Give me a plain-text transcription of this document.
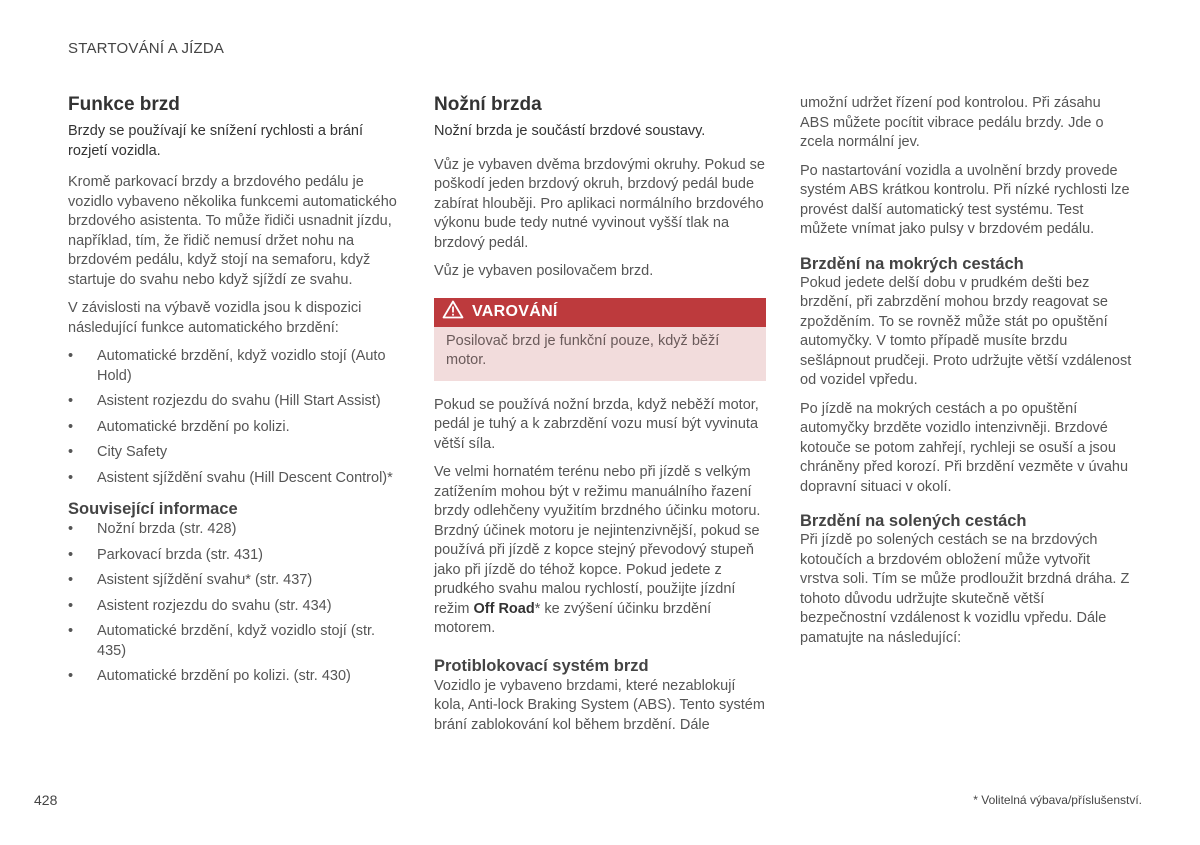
STARTOVÁNÍ A JÍZDA
Funkce brzd

Brzdy se používají ke snížení rychlosti a brání
rozjetí vozidla.

Kromě parkovací brzdy a brzdového pedálu je vozidlo vybaveno několika funkcemi automatického brzdového asistenta. To může řidiči usnadnit jízdu, například, tím, že řidič nemusí držet nohu na brzdovém pedálu, když stojí na semaforu, když startuje do svahu nebo když sjíždí ze svahu.

V závislosti na výbavě vozidla jsou k dispozici následující funkce automatického brzdění:

• Automatické brzdění, když vozidlo stojí (Auto Hold)
• Asistent rozjezdu do svahu (Hill Start Assist)
• Automatické brzdění po kolizi.
• City Safety
• Asistent sjíždění svahu (Hill Descent Control)*
Související informace
• Nožní brzda (str. 428)
• Parkovací brzda (str. 431)
• Asistent sjíždění svahu* (str. 437)
• Asistent rozjezdu do svahu (str. 434)
• Automatické brzdění, když vozidlo stojí (str. 435)
• Automatické brzdění po kolizi. (str. 430)
Nožní brzda

Nožní brzda je součástí brzdové soustavy.

Vůz je vybaven dvěma brzdovými okruhy. Pokud se poškodí jeden brzdový okruh, brzdový pedál bude zabírat hlouběji. Pro aplikaci normálního brzdového výkonu bude tedy nutné vyvinout vyšší tlak na brzdový pedál.

Vůz je vybaven posilovačem brzd.

VAROVÁNÍ
Posilovač brzd je funkční pouze, když běží motor.

Pokud se používá nožní brzda, když neběží motor, pedál je tuhý a k zabrzdění vozu musí být vyvinuta větší síla.

Ve velmi hornatém terénu nebo při jízdě s velkým zatížením mohou být v režimu manuálního řazení brzdy odlehčeny využitím brzdného účinku motoru. Brzdný účinek motoru je nejintenzivnější, pokud se používá při jízdě z kopce stejný převodový stupeň jako při jízdě do téhož kopce. Pokud jedete z prudkého svahu malou rychlostí, použijte jízdní režim Off Road* ke zvýšení účinku brzdění motorem.

Protiblokovací systém brzd

Vozidlo je vybaveno brzdami, které nezablokují kola, Anti-lock Braking System (ABS). Tento systém brání zablokování kol během brzdění. Dále

umožní udržet řízení pod kontrolou. Při zásahu ABS můžete pocítit vibrace pedálu brzdy. Jde o zcela normální jev.

Po nastartování vozidla a uvolnění brzdy provede systém ABS krátkou kontrolu. Při nízké rychlosti lze provést další automatický test systému. Test můžete vnímat jako pulsy v brzdovém pedálu.

Brzdění na mokrých cestách

Pokud jedete delší dobu v prudkém dešti bez brzdění, při zabrzdění mohou brzdy reagovat se zpožděním. To se rovněž může stát po opuštění automyčky. V tomto případě musíte brzdu sešlápnout prudčeji. Proto udržujte větší vzdálenost od vozidel vpředu.

Po jízdě na mokrých cestách a po opuštění automyčky brzděte vozidlo intenzivněji. Brzdové kotouče se potom zahřejí, rychleji se osuší a jsou chráněny před korozí. Při brzdění vezměte v úvahu dopravní situaci v okolí.

Brzdění na solených cestách

Při jízdě po solených cestách se na brzdových kotoučích a brzdovém obložení může vytvořit vrstva soli. Tím se může prodloužit brzdná dráha. Z tohoto důvodu udržujte skutečně větší bezpečnostní vzdálenost k vozidlu vpředu. Dále pamatujte na následující:

428	* Volitelná výbava/příslušenství.
